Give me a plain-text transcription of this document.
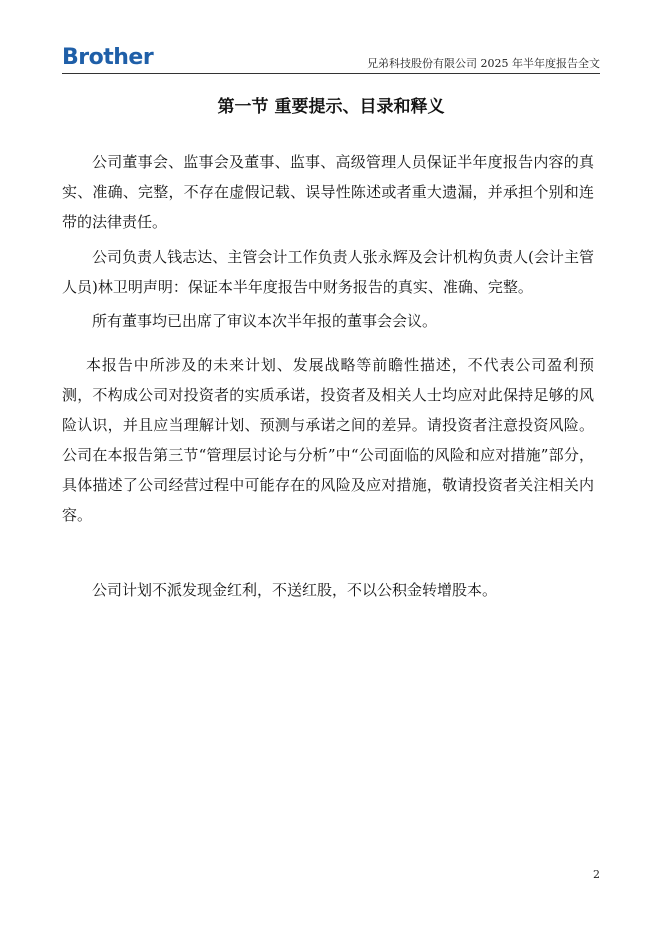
Brother	兄弟科技股份有限公司 2025 年半年度报告全文
第一节 重要提示、目录和释义

公司董事会、监事会及董事、监事、高级管理人员保证半年度报告内容的真实、准确、完整，不存在虚假记载、误导性陈述或者重大遗漏，并承担个别和连带的法律责任。

公司负责人钱志达、主管会计工作负责人张永辉及会计机构负责人(会计主管人员)林卫明声明：保证本半年度报告中财务报告的真实、准确、完整。

所有董事均已出席了审议本次半年报的董事会会议。

本报告中所涉及的未来计划、发展战略等前瞻性描述，不代表公司盈利预测，不构成公司对投资者的实质承诺，投资者及相关人士均应对此保持足够的风险认识，并且应当理解计划、预测与承诺之间的差异。请投资者注意投资风险。公司在本报告第三节“管理层讨论与分析”中“公司面临的风险和应对措施”部分，具体描述了公司经营过程中可能存在的风险及应对措施，敬请投资者关注相关内容。

公司计划不派发现金红利，不送红股，不以公积金转增股本。

2
